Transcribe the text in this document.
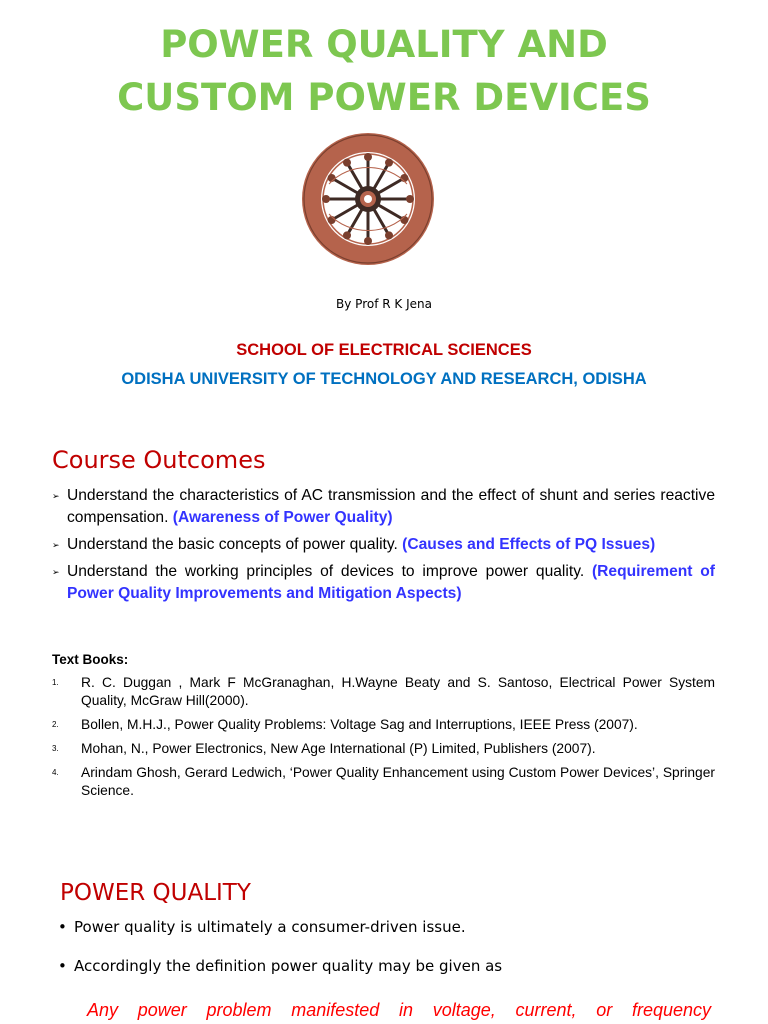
POWER QUALITY AND
CUSTOM POWER DEVICES
By Prof R K Jena
SCHOOL OF ELECTRICAL SCIENCES
ODISHA UNIVERSITY OF TECHNOLOGY AND RESEARCH, ODISHA
Course Outcomes
➢ Understand the characteristics of AC transmission and the effect of shunt and series reactive compensation. (Awareness of Power Quality)
➢ Understand the basic concepts of power quality. (Causes and Effects of PQ Issues)
➢ Understand the working principles of devices to improve power quality. (Requirement of Power Quality Improvements and Mitigation Aspects)
Text Books:
1. R. C. Duggan , Mark F McGranaghan, H.Wayne Beaty and S. Santoso, Electrical Power System Quality, McGraw Hill(2000).
2. Bollen, M.H.J., Power Quality Problems: Voltage Sag and Interruptions, IEEE Press (2007).
3. Mohan, N., Power Electronics, New Age International (P) Limited, Publishers (2007).
4. Arindam Ghosh, Gerard Ledwich, ‘Power Quality Enhancement using Custom Power Devices’, Springer Science.
POWER QUALITY
• Power quality is ultimately a consumer-driven issue.
• Accordingly the definition power quality may be given as
Any power problem manifested in voltage, current, or frequency
